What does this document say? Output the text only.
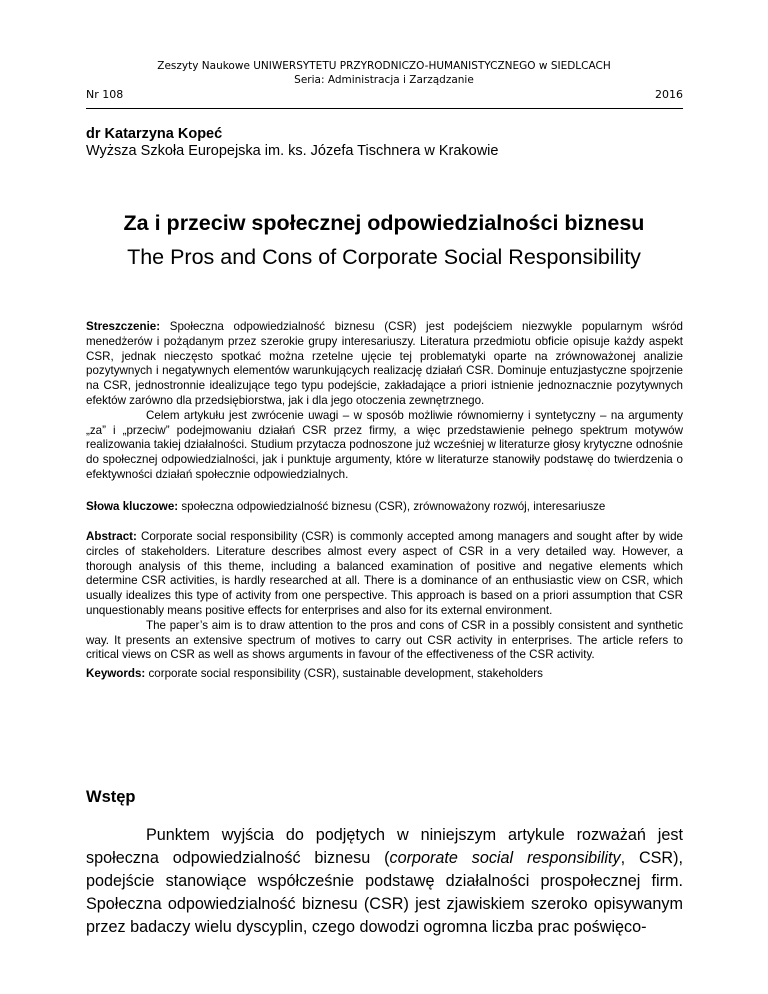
Zeszyty Naukowe UNIWERSYTETU PRZYRODNICZO-HUMANISTYCZNEGO w SIEDLCACH
Seria: Administracja i Zarządzanie
Nr 108	2016
dr Katarzyna Kopeć
Wyższa Szkoła Europejska im. ks. Józefa Tischnera w Krakowie
Za i przeciw społecznej odpowiedzialności biznesu
The Pros and Cons of Corporate Social Responsibility

Streszczenie: Społeczna odpowiedzialność biznesu (CSR) jest podejściem niezwykle popularnym wśród menedżerów i pożądanym przez szerokie grupy interesariuszy. Literatura przedmiotu obficie opisuje każdy aspekt CSR, jednak nieczęsto spotkać można rzetelne ujęcie tej problematyki oparte na zrównoważonej analizie pozytywnych i negatywnych elementów warunkujących realizację działań CSR. Dominuje entuzjastyczne spojrzenie na CSR, jednostronnie idealizujące tego typu podejście, zakładające a priori istnienie jednoznacznie pozytywnych efektów zarówno dla przedsiębiorstwa, jak i dla jego otoczenia zewnętrznego.

Celem artykułu jest zwrócenie uwagi – w sposób możliwie równomierny i syntetyczny – na argumenty „za” i „przeciw” podejmowaniu działań CSR przez firmy, a więc przedstawienie pełnego spektrum motywów realizowania takiej działalności. Studium przytacza podnoszone już wcześniej w literaturze głosy krytyczne odnośnie do społecznej odpowiedzialności, jak i punktuje argumenty, które w literaturze stanowiły podstawę do twierdzenia o efektywności działań społecznie odpowiedzialnych.

Słowa kluczowe: społeczna odpowiedzialność biznesu (CSR), zrównoważony rozwój, interesariusze

Abstract: Corporate social responsibility (CSR) is commonly accepted among managers and sought after by wide circles of stakeholders. Literature describes almost every aspect of CSR in a very detailed way. However, a thorough analysis of this theme, including a balanced examination of positive and negative elements which determine CSR activities, is hardly researched at all. There is a dominance of an enthusiastic view on CSR, which usually idealizes this type of activity from one perspective. This approach is based on a priori assumption that CSR unquestionably means positive effects for enterprises and also for its external environment.

The paper’s aim is to draw attention to the pros and cons of CSR in a possibly consistent and synthetic way. It presents an extensive spectrum of motives to carry out CSR activity in enterprises. The article refers to critical views on CSR as well as shows arguments in favour of the effectiveness of the CSR activity.

Keywords: corporate social responsibility (CSR), sustainable development, stakeholders

Wstęp

Punktem wyjścia do podjętych w niniejszym artykule rozważań jest społeczna odpowiedzialność biznesu (corporate social responsibility, CSR), podejście stanowiące współcześnie podstawę działalności prospołecznej firm. Społeczna odpowiedzialność biznesu (CSR) jest zjawiskiem szeroko opisywanym przez badaczy wielu dyscyplin, czego dowodzi ogromna liczba prac poświęco-
